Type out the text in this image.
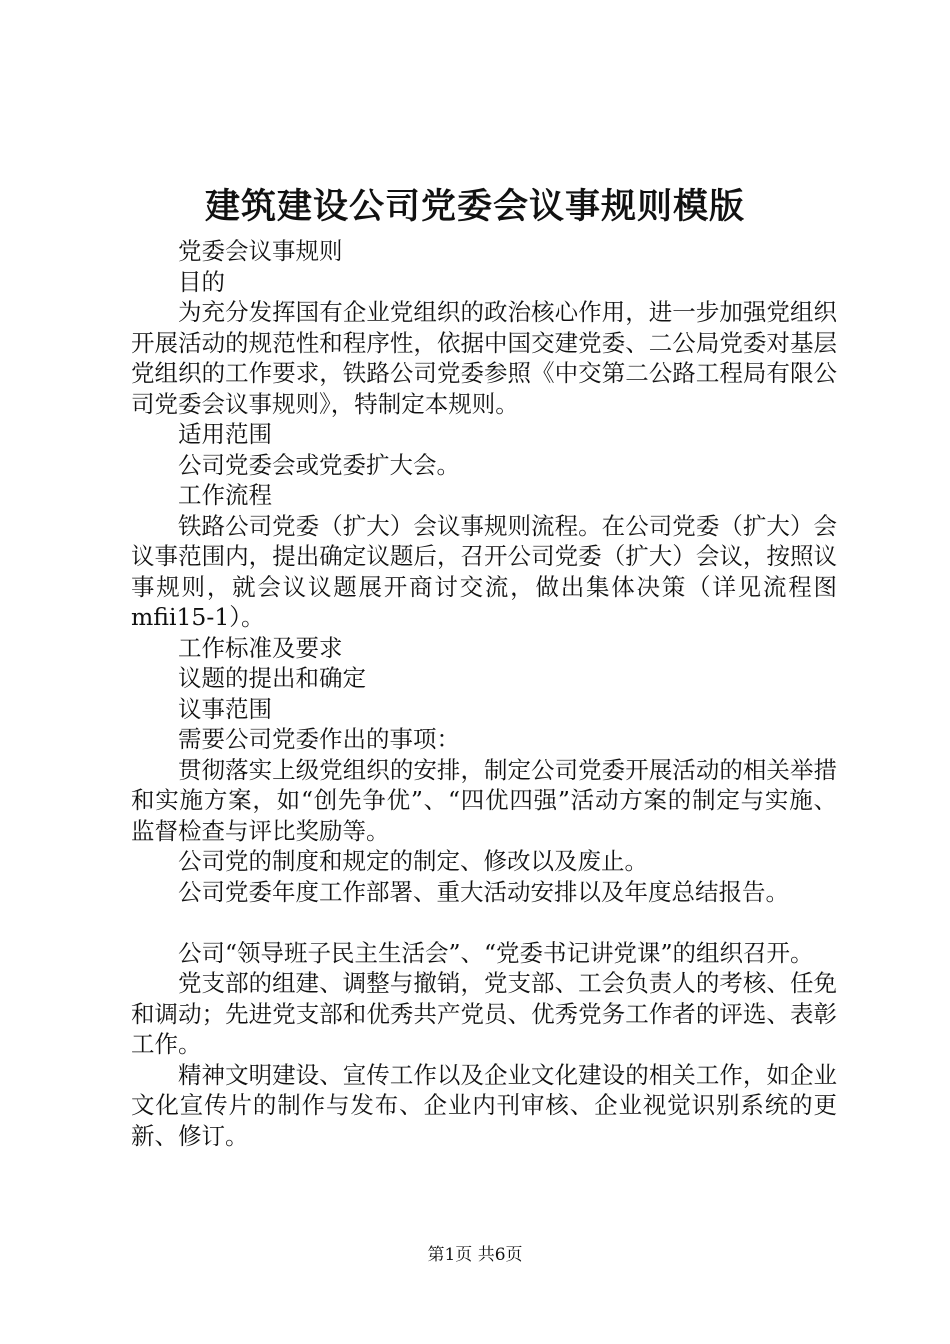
建筑建设公司党委会议事规则模版

党委会议事规则

目的

为充分发挥国有企业党组织的政治核心作用，进一步加强党组织开展活动的规范性和程序性，依据中国交建党委、二公局党委对基层党组织的工作要求，铁路公司党委参照《中交第二公路工程局有限公司党委会议事规则》，特制定本规则。

适用范围

公司党委会或党委扩大会。

工作流程

铁路公司党委（扩大）会议事规则流程。在公司党委（扩大）会议事范围内，提出确定议题后，召开公司党委（扩大）会议，按照议事规则，就会议议题展开商讨交流，做出集体决策（详见流程图mfii15-1）。

工作标准及要求

议题的提出和确定

议事范围

需要公司党委作出的事项：

贯彻落实上级党组织的安排，制定公司党委开展活动的相关举措和实施方案，如“创先争优”、“四优四强”活动方案的制定与实施、监督检查与评比奖励等。

公司党的制度和规定的制定、修改以及废止。

公司党委年度工作部署、重大活动安排以及年度总结报告。

公司“领导班子民主生活会”、“党委书记讲党课”的组织召开。

党支部的组建、调整与撤销，党支部、工会负责人的考核、任免和调动；先进党支部和优秀共产党员、优秀党务工作者的评选、表彰工作。

精神文明建设、宣传工作以及企业文化建设的相关工作，如企业文化宣传片的制作与发布、企业内刊审核、企业视觉识别系统的更新、修订。

第1页 共6页
